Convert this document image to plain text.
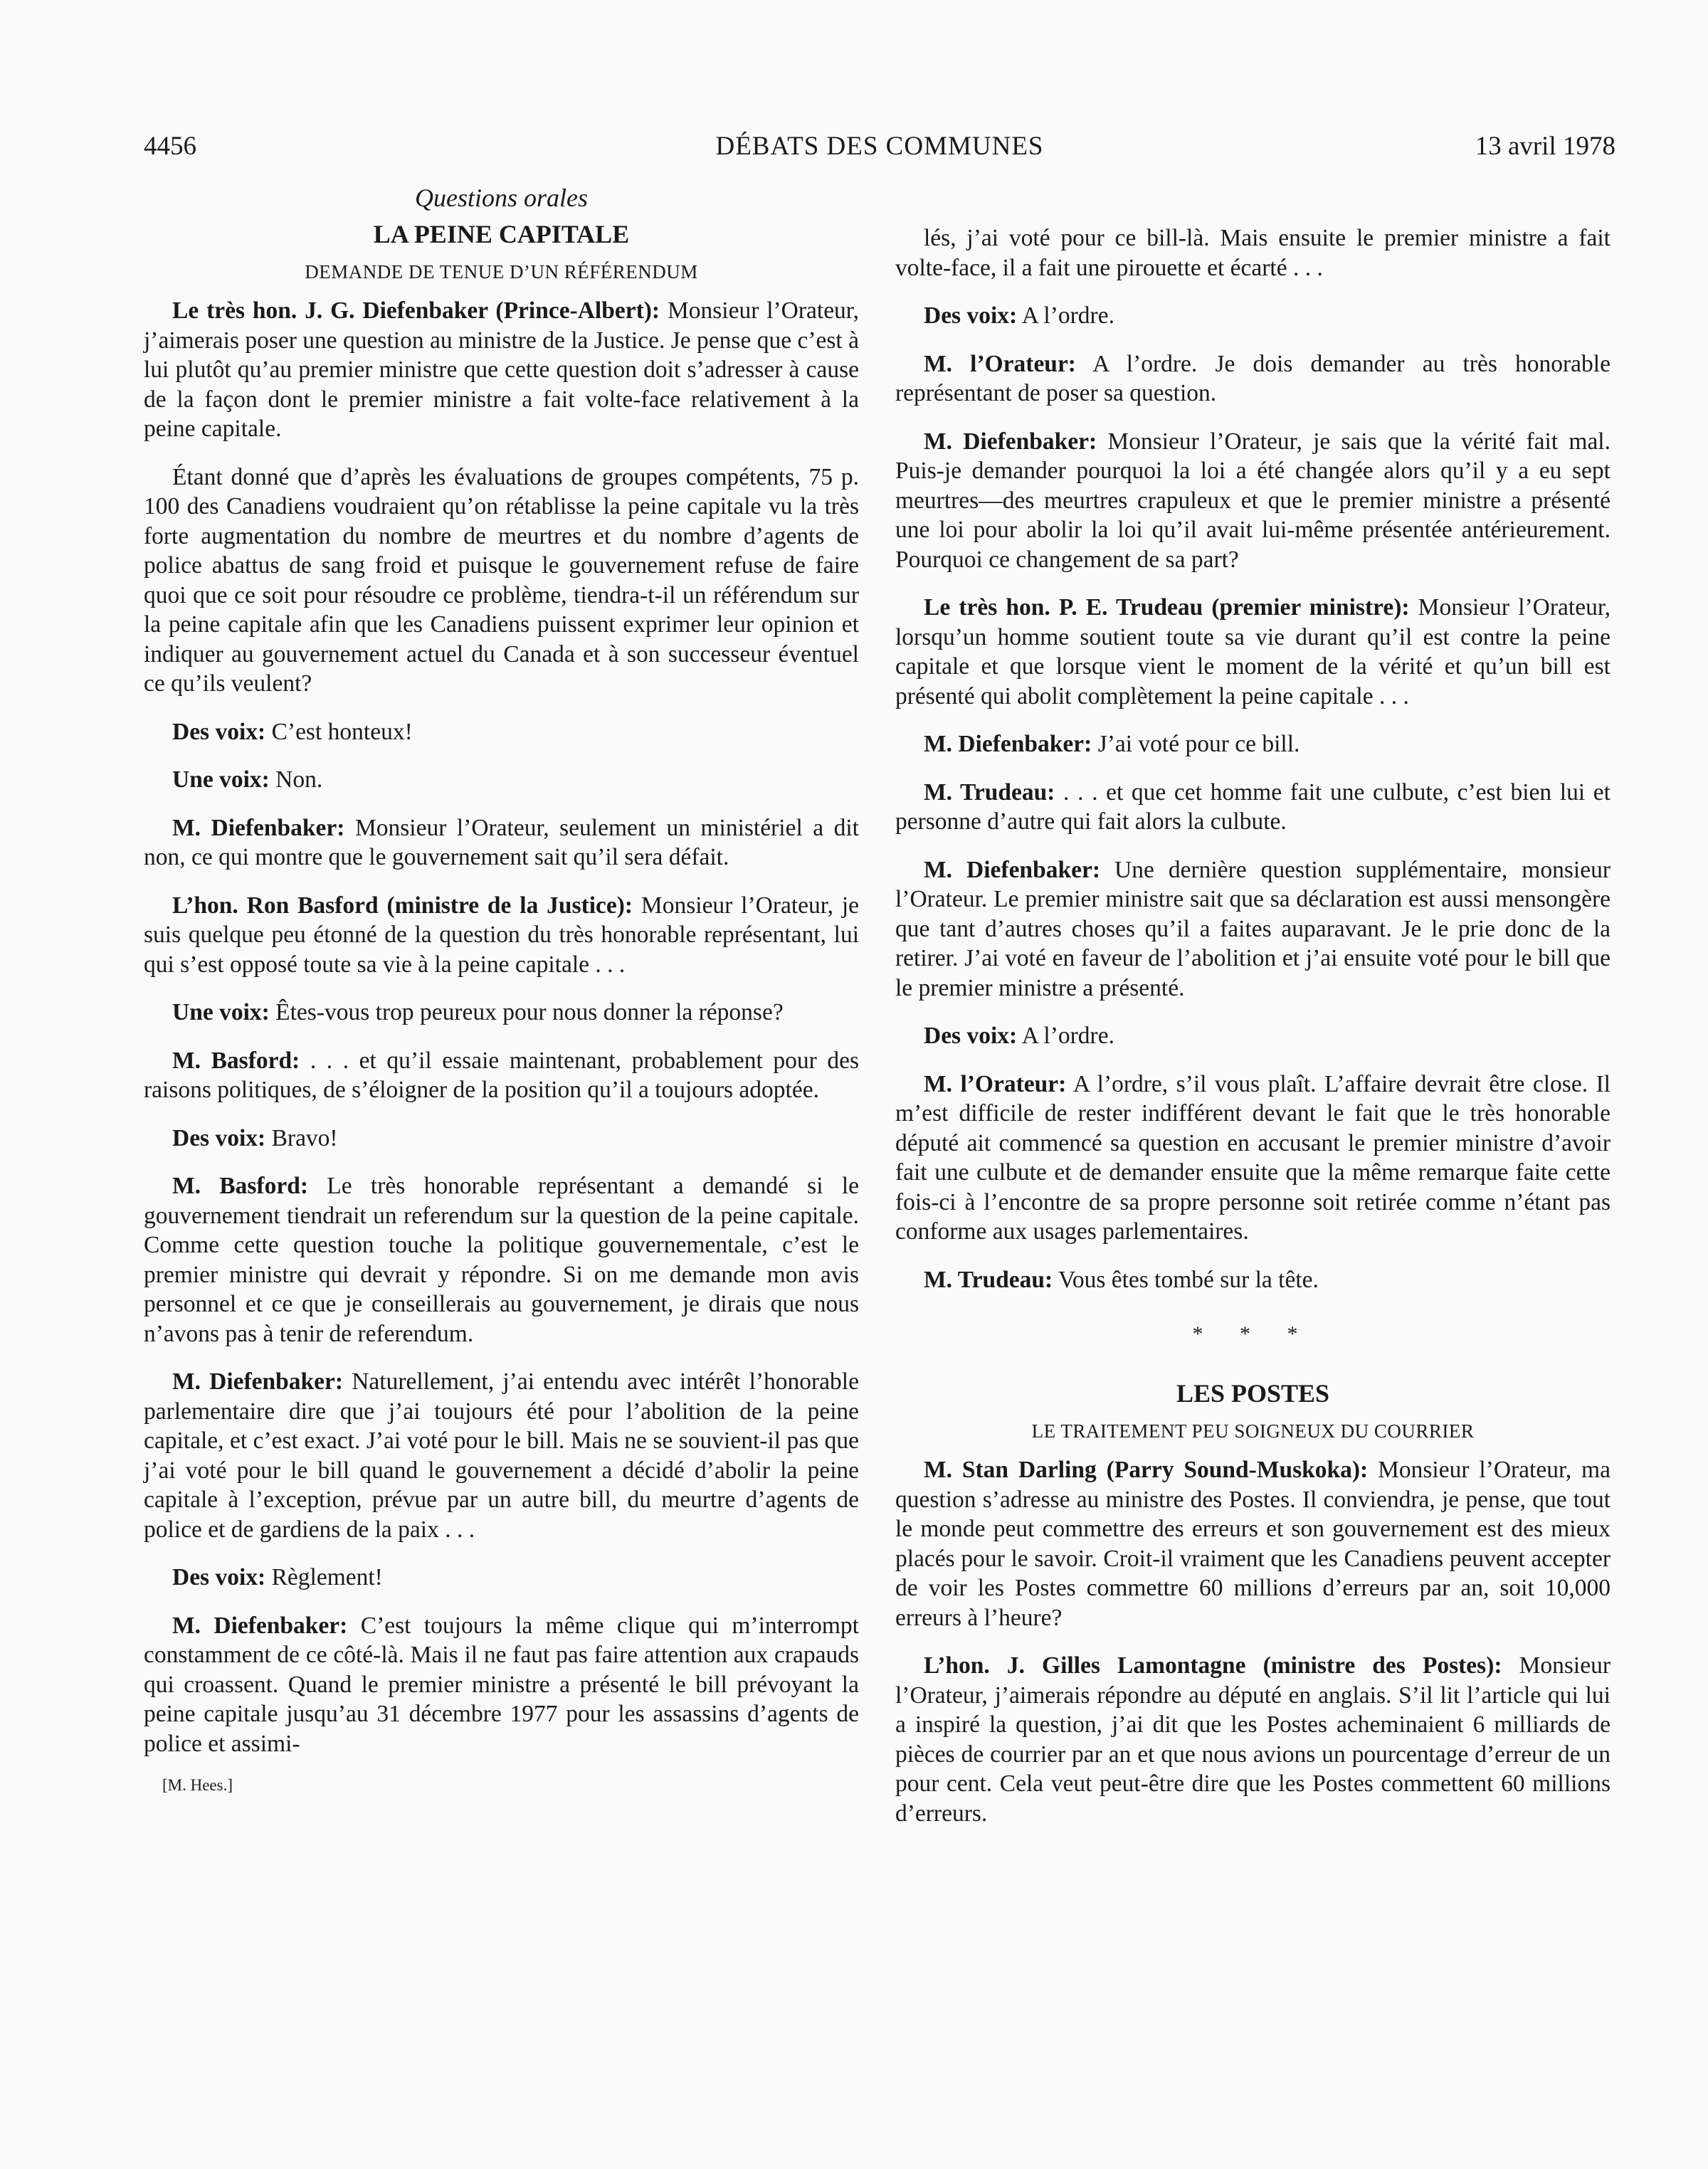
4456	DÉBATS DES COMMUNES	13 avril 1978
Questions orales
LA PEINE CAPITALE
DEMANDE DE TENUE D’UN RÉFÉRENDUM

Le très hon. J. G. Diefenbaker (Prince-Albert): Monsieur l’Orateur, j’aimerais poser une question au ministre de la Justice. Je pense que c’est à lui plutôt qu’au premier ministre que cette question doit s’adresser à cause de la façon dont le premier ministre a fait volte-face relativement à la peine capitale.

Étant donné que d’après les évaluations de groupes compétents, 75 p. 100 des Canadiens voudraient qu’on rétablisse la peine capitale vu la très forte augmentation du nombre de meurtres et du nombre d’agents de police abattus de sang froid et puisque le gouvernement refuse de faire quoi que ce soit pour résoudre ce problème, tiendra-t-il un référendum sur la peine capitale afin que les Canadiens puissent exprimer leur opinion et indiquer au gouvernement actuel du Canada et à son successeur éventuel ce qu’ils veulent?

Des voix: C’est honteux!

Une voix: Non.

M. Diefenbaker: Monsieur l’Orateur, seulement un ministériel a dit non, ce qui montre que le gouvernement sait qu’il sera défait.

L’hon. Ron Basford (ministre de la Justice): Monsieur l’Orateur, je suis quelque peu étonné de la question du très honorable représentant, lui qui s’est opposé toute sa vie à la peine capitale . . .

Une voix: Êtes-vous trop peureux pour nous donner la réponse?

M. Basford: . . . et qu’il essaie maintenant, probablement pour des raisons politiques, de s’éloigner de la position qu’il a toujours adoptée.

Des voix: Bravo!

M. Basford: Le très honorable représentant a demandé si le gouvernement tiendrait un referendum sur la question de la peine capitale. Comme cette question touche la politique gouvernementale, c’est le premier ministre qui devrait y répondre. Si on me demande mon avis personnel et ce que je conseillerais au gouvernement, je dirais que nous n’avons pas à tenir de referendum.

M. Diefenbaker: Naturellement, j’ai entendu avec intérêt l’honorable parlementaire dire que j’ai toujours été pour l’abolition de la peine capitale, et c’est exact. J’ai voté pour le bill. Mais ne se souvient-il pas que j’ai voté pour le bill quand le gouvernement a décidé d’abolir la peine capitale à l’exception, prévue par un autre bill, du meurtre d’agents de police et de gardiens de la paix . . .

Des voix: Règlement!

M. Diefenbaker: C’est toujours la même clique qui m’interrompt constamment de ce côté-là. Mais il ne faut pas faire attention aux crapauds qui croassent. Quand le premier ministre a présenté le bill prévoyant la peine capitale jusqu’au 31 décembre 1977 pour les assassins d’agents de police et assimi-

[M. Hees.]

lés, j’ai voté pour ce bill-là. Mais ensuite le premier ministre a fait volte-face, il a fait une pirouette et écarté . . .

Des voix: A l’ordre.

M. l’Orateur: A l’ordre. Je dois demander au très honorable représentant de poser sa question.

M. Diefenbaker: Monsieur l’Orateur, je sais que la vérité fait mal. Puis-je demander pourquoi la loi a été changée alors qu’il y a eu sept meurtres—des meurtres crapuleux et que le premier ministre a présenté une loi pour abolir la loi qu’il avait lui-même présentée antérieurement. Pourquoi ce changement de sa part?

Le très hon. P. E. Trudeau (premier ministre): Monsieur l’Orateur, lorsqu’un homme soutient toute sa vie durant qu’il est contre la peine capitale et que lorsque vient le moment de la vérité et qu’un bill est présenté qui abolit complètement la peine capitale . . .

M. Diefenbaker: J’ai voté pour ce bill.

M. Trudeau: . . . et que cet homme fait une culbute, c’est bien lui et personne d’autre qui fait alors la culbute.

M. Diefenbaker: Une dernière question supplémentaire, monsieur l’Orateur. Le premier ministre sait que sa déclaration est aussi mensongère que tant d’autres choses qu’il a faites auparavant. Je le prie donc de la retirer. J’ai voté en faveur de l’abolition et j’ai ensuite voté pour le bill que le premier ministre a présenté.

Des voix: A l’ordre.

M. l’Orateur: A l’ordre, s’il vous plaît. L’affaire devrait être close. Il m’est difficile de rester indifférent devant le fait que le très honorable député ait commencé sa question en accusant le premier ministre d’avoir fait une culbute et de demander ensuite que la même remarque faite cette fois-ci à l’encontre de sa propre personne soit retirée comme n’étant pas conforme aux usages parlementaires.

M. Trudeau: Vous êtes tombé sur la tête.

* * *
LES POSTES
LE TRAITEMENT PEU SOIGNEUX DU COURRIER

M. Stan Darling (Parry Sound-Muskoka): Monsieur l’Orateur, ma question s’adresse au ministre des Postes. Il conviendra, je pense, que tout le monde peut commettre des erreurs et son gouvernement est des mieux placés pour le savoir. Croit-il vraiment que les Canadiens peuvent accepter de voir les Postes commettre 60 millions d’erreurs par an, soit 10,000 erreurs à l’heure?

L’hon. J. Gilles Lamontagne (ministre des Postes): Monsieur l’Orateur, j’aimerais répondre au député en anglais. S’il lit l’article qui lui a inspiré la question, j’ai dit que les Postes acheminaient 6 milliards de pièces de courrier par an et que nous avions un pourcentage d’erreur de un pour cent. Cela veut peut-être dire que les Postes commettent 60 millions d’erreurs.
